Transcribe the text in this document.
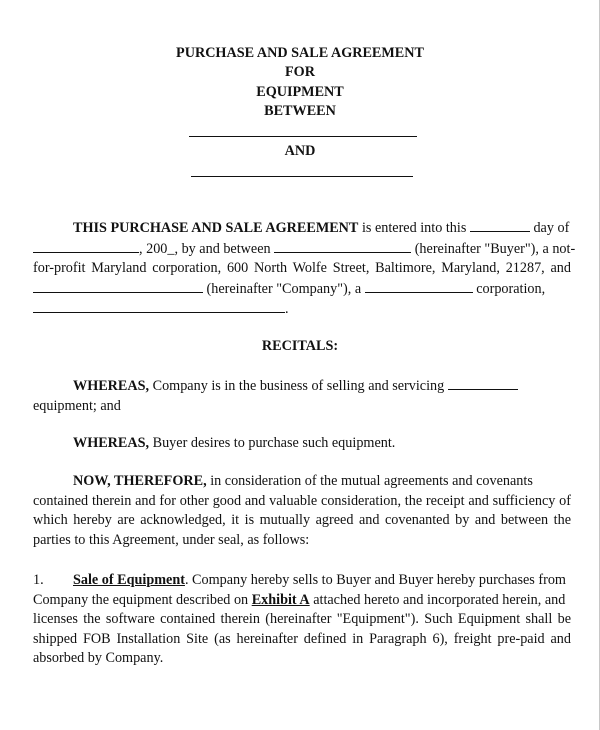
PURCHASE AND SALE AGREEMENT
FOR
EQUIPMENT
BETWEEN
AND
THIS PURCHASE AND SALE AGREEMENT is entered into this	day of
, 200_, by and between	(hereinafter "Buyer"), a not-
for-profit Maryland corporation, 600 North Wolfe Street, Baltimore, Maryland, 21287, and
(hereinafter "Company"), a	corporation,
.
RECITALS:
WHEREAS, Company is in the business of selling and servicing
equipment; and
WHEREAS, Buyer desires to purchase such equipment.
NOW, THEREFORE, in consideration of the mutual agreements and covenants
contained therein and for other good and valuable consideration, the receipt and sufficiency of
which hereby are acknowledged, it is mutually agreed and covenanted by and between the
parties to this Agreement, under seal, as follows:
1. Sale of Equipment. Company hereby sells to Buyer and Buyer hereby purchases from
Company the equipment described on Exhibit A attached hereto and incorporated herein, and
licenses the software contained therein (hereinafter "Equipment"). Such Equipment shall be
shipped FOB Installation Site (as hereinafter defined in Paragraph 6), freight pre-paid and
absorbed by Company.
